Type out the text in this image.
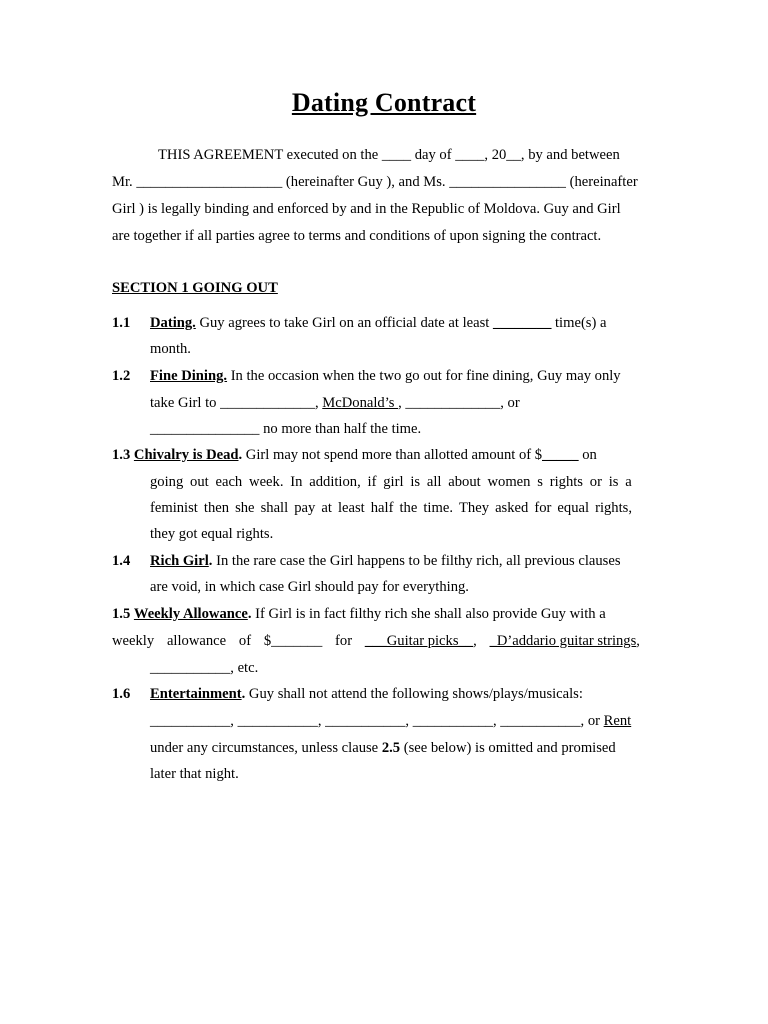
Dating Contract
THIS AGREEMENT executed on the ____ day of ____, 20__, by and between
Mr. ____________________ (hereinafter Guy ), and Ms. ________________ (hereinafter
Girl ) is legally binding and enforced by and in the Republic of Moldova. Guy and Girl
are together if all parties agree to terms and conditions of upon signing the contract.
SECTION 1 GOING OUT
1.1 Dating. Guy agrees to take Girl on an official date at least ________ time(s) a
month.
1.2 Fine Dining. In the occasion when the two go out for fine dining, Guy may only
take Girl to _____________, McDonald’s , _____________, or
_______________ no more than half the time.
1.3 Chivalry is Dead. Girl may not spend more than allotted amount of $_____ on
going out each week. In addition, if girl is all about women s rights or is a
feminist then she shall pay at least half the time. They asked for equal rights,
they got equal rights.
1.4 Rich Girl. In the rare case the Girl happens to be filthy rich, all previous clauses
are void, in which case Girl should pay for everything.
1.5 Weekly Allowance. If Girl is in fact filthy rich she shall also provide Guy with a
weekly allowance of $_______ for ___Guitar picks__, _D’addario guitar strings,
___________, etc.
1.6 Entertainment. Guy shall not attend the following shows/plays/musicals:
___________, ___________, ___________, ___________, ___________, or Rent
under any circumstances, unless clause 2.5 (see below) is omitted and promised
later that night.
